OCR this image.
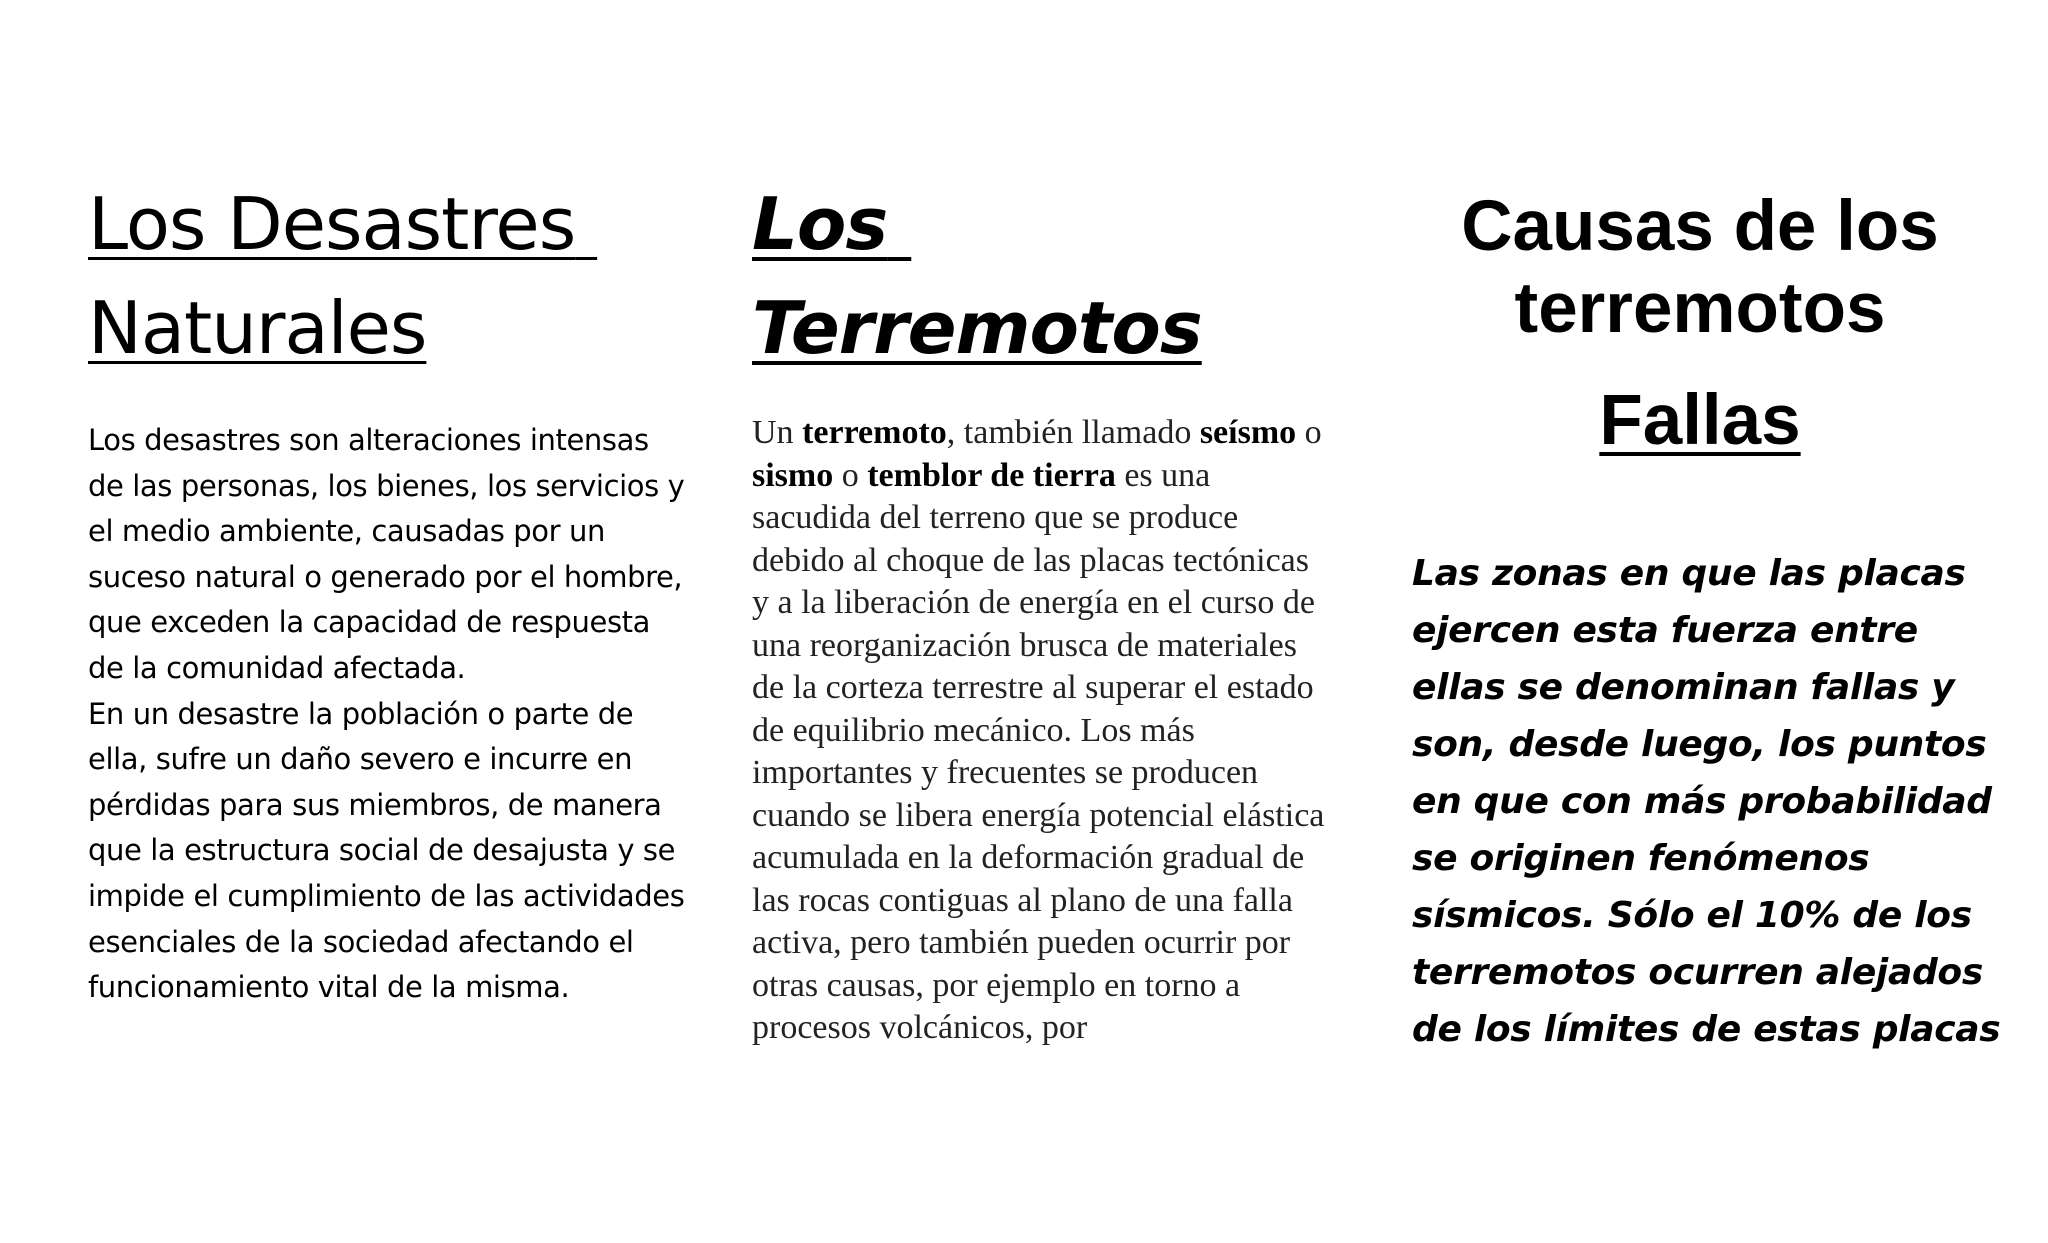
Los Desastres Naturales

Los desastres son alteraciones intensas de las personas, los bienes, los servicios y el medio ambiente, causadas por un suceso natural o generado por el hombre, que exceden la capacidad de respuesta de la comunidad afectada.

En un desastre la población o parte de ella, sufre un daño severo e incurre en pérdidas para sus miembros, de manera que la estructura social de desajusta y se impide el cumplimiento de las actividades esenciales de la sociedad afectando el funcionamiento vital de la misma.

Los Terremotos
Un terremoto, también llamado seísmo o sismo o temblor de tierra es una sacudida del terreno que se produce debido al choque de las placas tectónicas y a la liberación de energía en el curso de una reorganización brusca de materiales de la corteza terrestre al superar el estado de equilibrio mecánico. Los más importantes y frecuentes se producen cuando se libera energía potencial elástica acumulada en la deformación gradual de las rocas contiguas al plano de una falla activa, pero también pueden ocurrir por otras causas, por ejemplo en torno a procesos volcánicos, por
Causas de los terremotos
Fallas

Las zonas en que las placas ejercen esta fuerza entre ellas se denominan fallas y son, desde luego, los puntos en que con más probabilidad se originen fenómenos sísmicos. Sólo el 10% de los terremotos ocurren alejados de los límites de estas placas
